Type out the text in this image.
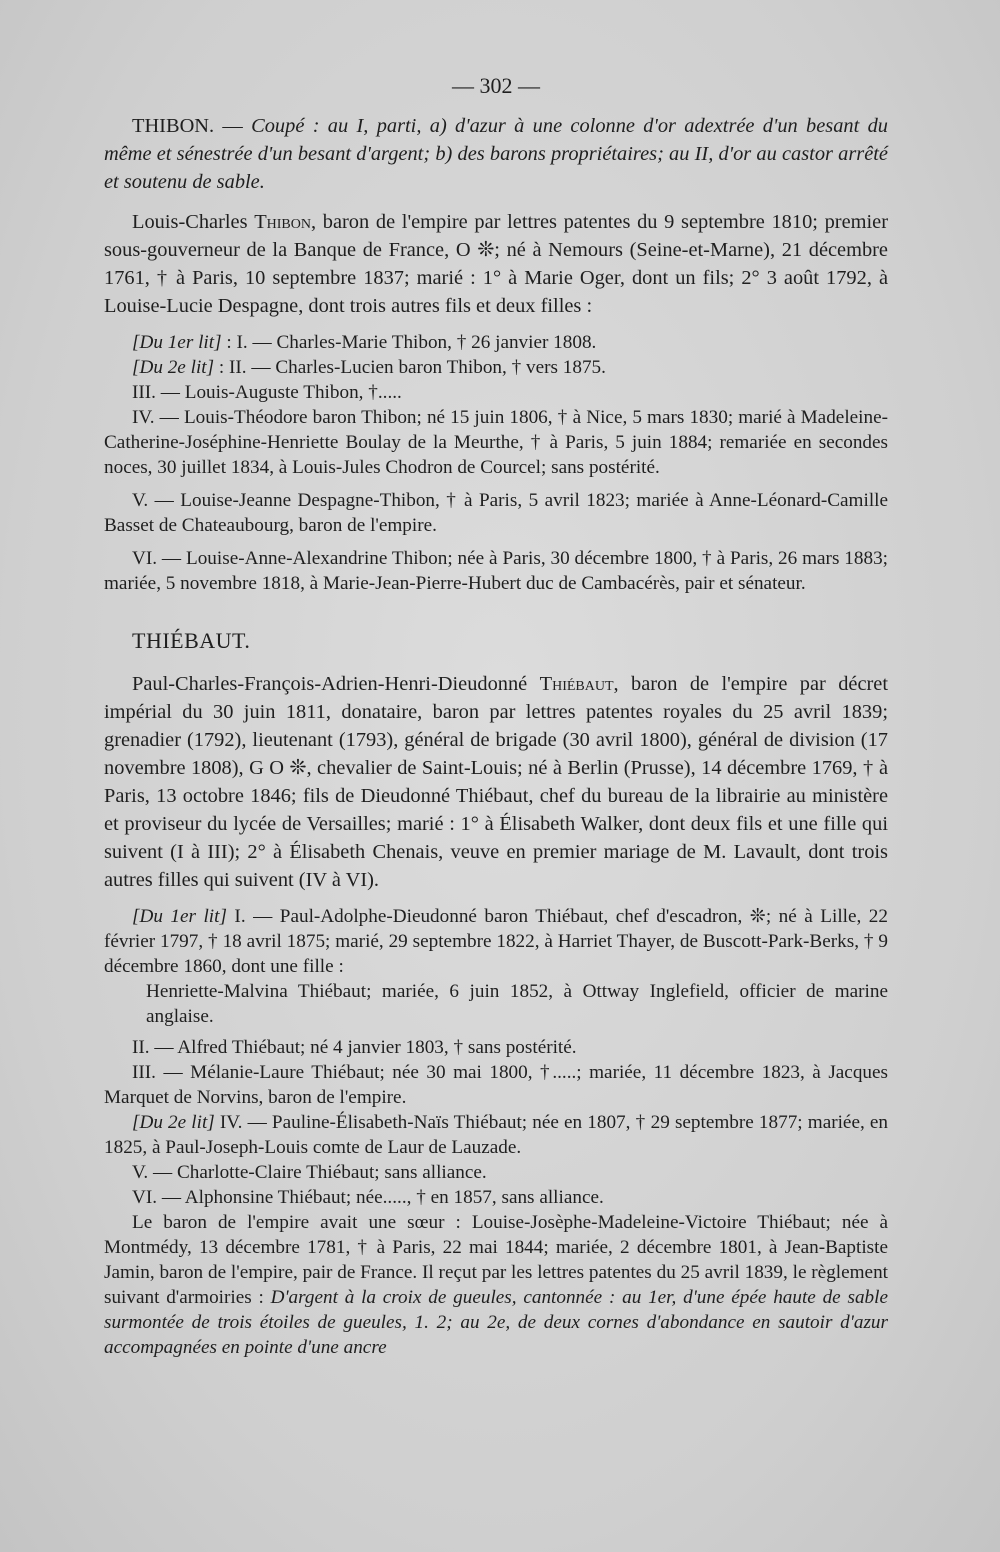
— 302 —

THIBON. — Coupé : au I, parti, a) d'azur à une colonne d'or adextrée d'un besant du même et sénestrée d'un besant d'argent; b) des barons propriétaires; au II, d'or au castor arrêté et soutenu de sable.

Louis-Charles Thibon, baron de l'empire par lettres patentes du 9 septembre 1810; premier sous-gouverneur de la Banque de France, O ❊; né à Nemours (Seine-et-Marne), 21 décembre 1761, † à Paris, 10 septembre 1837; marié : 1° à Marie Oger, dont un fils; 2° 3 août 1792, à Louise-Lucie Despagne, dont trois autres fils et deux filles :

[Du 1er lit] : I. — Charles-Marie Thibon, † 26 janvier 1808.

[Du 2e lit] : II. — Charles-Lucien baron Thibon, † vers 1875.

III. — Louis-Auguste Thibon, †.....

IV. — Louis-Théodore baron Thibon; né 15 juin 1806, † à Nice, 5 mars 1830; marié à Madeleine-Catherine-Joséphine-Henriette Boulay de la Meurthe, † à Paris, 5 juin 1884; remariée en secondes noces, 30 juillet 1834, à Louis-Jules Chodron de Courcel; sans postérité.

V. — Louise-Jeanne Despagne-Thibon, † à Paris, 5 avril 1823; mariée à Anne-Léonard-Camille Basset de Chateaubourg, baron de l'empire.

VI. — Louise-Anne-Alexandrine Thibon; née à Paris, 30 décembre 1800, † à Paris, 26 mars 1883; mariée, 5 novembre 1818, à Marie-Jean-Pierre-Hubert duc de Cambacérès, pair et sénateur.

THIÉBAUT.

Paul-Charles-François-Adrien-Henri-Dieudonné Thiébaut, baron de l'empire par décret impérial du 30 juin 1811, donataire, baron par lettres patentes royales du 25 avril 1839; grenadier (1792), lieutenant (1793), général de brigade (30 avril 1800), général de division (17 novembre 1808), G O ❊, chevalier de Saint-Louis; né à Berlin (Prusse), 14 décembre 1769, † à Paris, 13 octobre 1846; fils de Dieudonné Thiébaut, chef du bureau de la librairie au ministère et proviseur du lycée de Versailles; marié : 1° à Élisabeth Walker, dont deux fils et une fille qui suivent (I à III); 2° à Élisabeth Chenais, veuve en premier mariage de M. Lavault, dont trois autres filles qui suivent (IV à VI).

[Du 1er lit] I. — Paul-Adolphe-Dieudonné baron Thiébaut, chef d'escadron, ❊; né à Lille, 22 février 1797, † 18 avril 1875; marié, 29 septembre 1822, à Harriet Thayer, de Buscott-Park-Berks, † 9 décembre 1860, dont une fille :

Henriette-Malvina Thiébaut; mariée, 6 juin 1852, à Ottway Inglefield, officier de marine anglaise.

II. — Alfred Thiébaut; né 4 janvier 1803, † sans postérité.

III. — Mélanie-Laure Thiébaut; née 30 mai 1800, †.....; mariée, 11 décembre 1823, à Jacques Marquet de Norvins, baron de l'empire.

[Du 2e lit] IV. — Pauline-Élisabeth-Naïs Thiébaut; née en 1807, † 29 septembre 1877; mariée, en 1825, à Paul-Joseph-Louis comte de Laur de Lauzade.

V. — Charlotte-Claire Thiébaut; sans alliance.

VI. — Alphonsine Thiébaut; née....., † en 1857, sans alliance.

Le baron de l'empire avait une sœur : Louise-Josèphe-Madeleine-Victoire Thiébaut; née à Montmédy, 13 décembre 1781, † à Paris, 22 mai 1844; mariée, 2 décembre 1801, à Jean-Baptiste Jamin, baron de l'empire, pair de France. Il reçut par les lettres patentes du 25 avril 1839, le règlement suivant d'armoiries : D'argent à la croix de gueules, cantonnée : au 1er, d'une épée haute de sable surmontée de trois étoiles de gueules, 1. 2; au 2e, de deux cornes d'abondance en sautoir d'azur accompagnées en pointe d'une ancre
